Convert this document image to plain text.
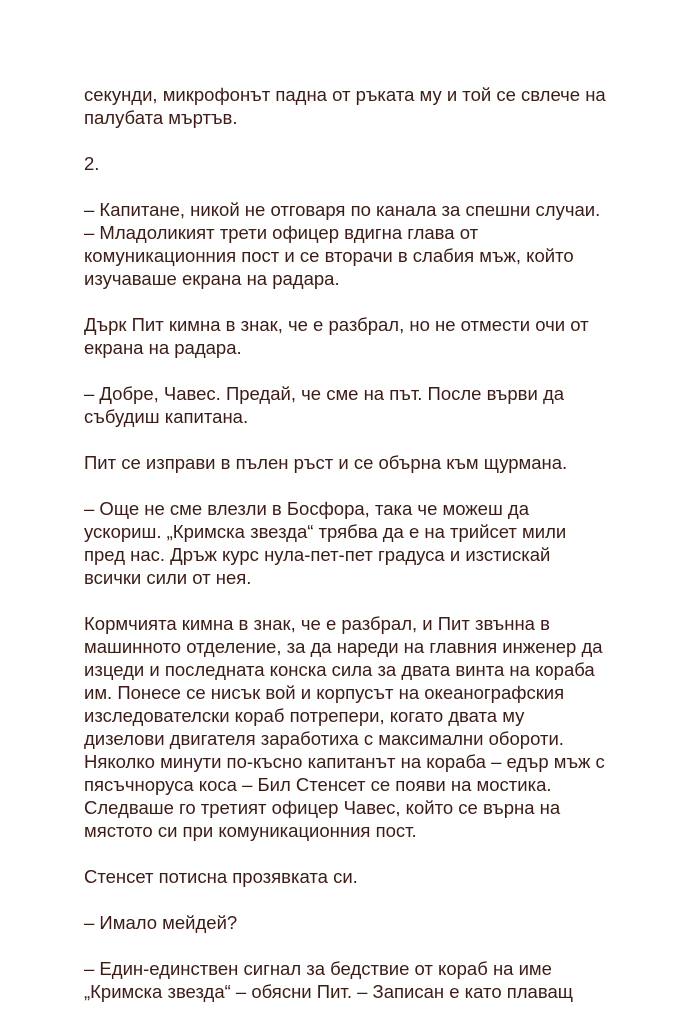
секунди, микрофонът падна от ръката му и той се свлече на
палубата мъртъв.

2.

– Капитане, никой не отговаря по канала за спешни случаи.
– Младоликият трети офицер вдигна глава от
комуникационния пост и се вторачи в слабия мъж, който
изучаваше екрана на радара.

Дърк Пит кимна в знак, че е разбрал, но не отмести очи от
екрана на радара.

– Добре, Чавес. Предай, че сме на път. После върви да
събудиш капитана.

Пит се изправи в пълен ръст и се обърна към щурмана.

– Още не сме влезли в Босфора, така че можеш да
ускориш. „Кримска звезда“ трябва да е на трийсет мили
пред нас. Дръж курс нула-пет-пет градуса и изстискай
всички сили от нея.

Кормчията кимна в знак, че е разбрал, и Пит звънна в
машинното отделение, за да нареди на главния инженер да
изцеди и последната конска сила за двата винта на кораба
им. Понесе се нисък вой и корпусът на океанографския
изследователски кораб потрепери, когато двата му
дизелови двигателя заработиха с максимални обороти.
Няколко минути по-късно капитанът на кораба – едър мъж с
пясъчноруса коса – Бил Стенсет се появи на мостика.
Следваше го третият офицер Чавес, който се върна на
мястото си при комуникационния пост.

Стенсет потисна прозявката си.

– Имало мейдей?

– Един-единствен сигнал за бедствие от кораб на име
„Кримска звезда“ – обясни Пит. – Записан е като плаващ
